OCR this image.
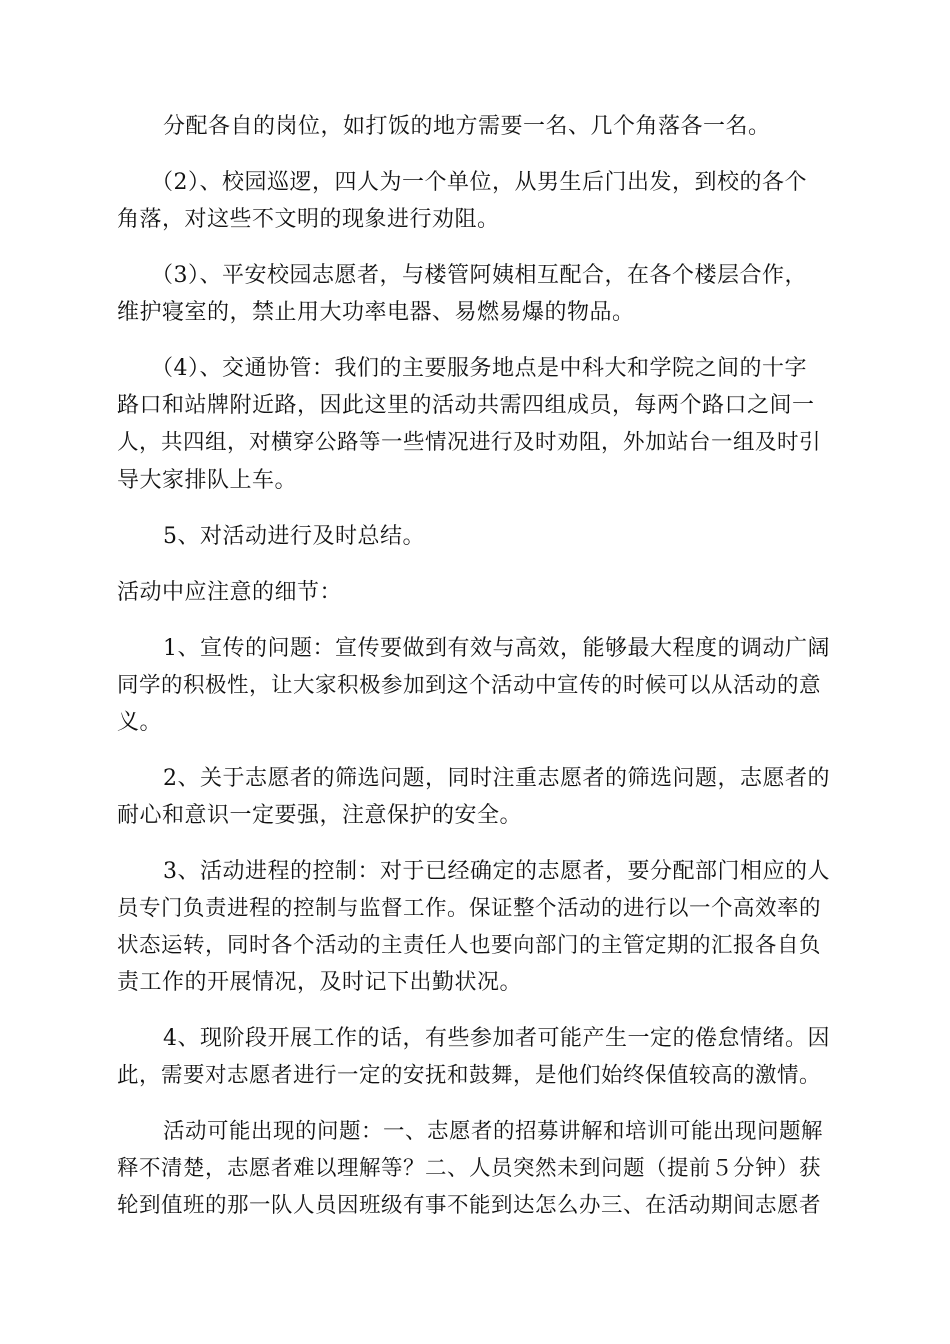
分配各自的岗位，如打饭的地方需要一名、几个角落各一名。
（2）、校园巡逻，四人为一个单位，从男生后门出发，到校的各个
角落，对这些不文明的现象进行劝阻。
（3）、平安校园志愿者，与楼管阿姨相互配合，在各个楼层合作，
维护寝室的，禁止用大功率电器、易燃易爆的物品。
（4）、交通协管：我们的主要服务地点是中科大和学院之间的十字
路口和站牌附近路，因此这里的活动共需四组成员，每两个路口之间一
人，共四组，对横穿公路等一些情况进行及时劝阻，外加站台一组及时引
导大家排队上车。
5、对活动进行及时总结。
活动中应注意的细节：
1、宣传的问题：宣传要做到有效与高效，能够最大程度的调动广阔
同学的积极性，让大家积极参加到这个活动中宣传的时候可以从活动的意
义。
2、关于志愿者的筛选问题，同时注重志愿者的筛选问题，志愿者的
耐心和意识一定要强，注意保护的安全。
3、活动进程的控制：对于已经确定的志愿者，要分配部门相应的人
员专门负责进程的控制与监督工作。保证整个活动的进行以一个高效率的
状态运转，同时各个活动的主责任人也要向部门的主管定期的汇报各自负
责工作的开展情况，及时记下出勤状况。
4、现阶段开展工作的话，有些参加者可能产生一定的倦怠情绪。因
此，需要对志愿者进行一定的安抚和鼓舞，是他们始终保值较高的激情。
活动可能出现的问题：一、志愿者的招募讲解和培训可能出现问题解
释不清楚，志愿者难以理解等？二、人员突然未到问题（提前５分钟）获
轮到值班的那一队人员因班级有事不能到达怎么办三、在活动期间志愿者
